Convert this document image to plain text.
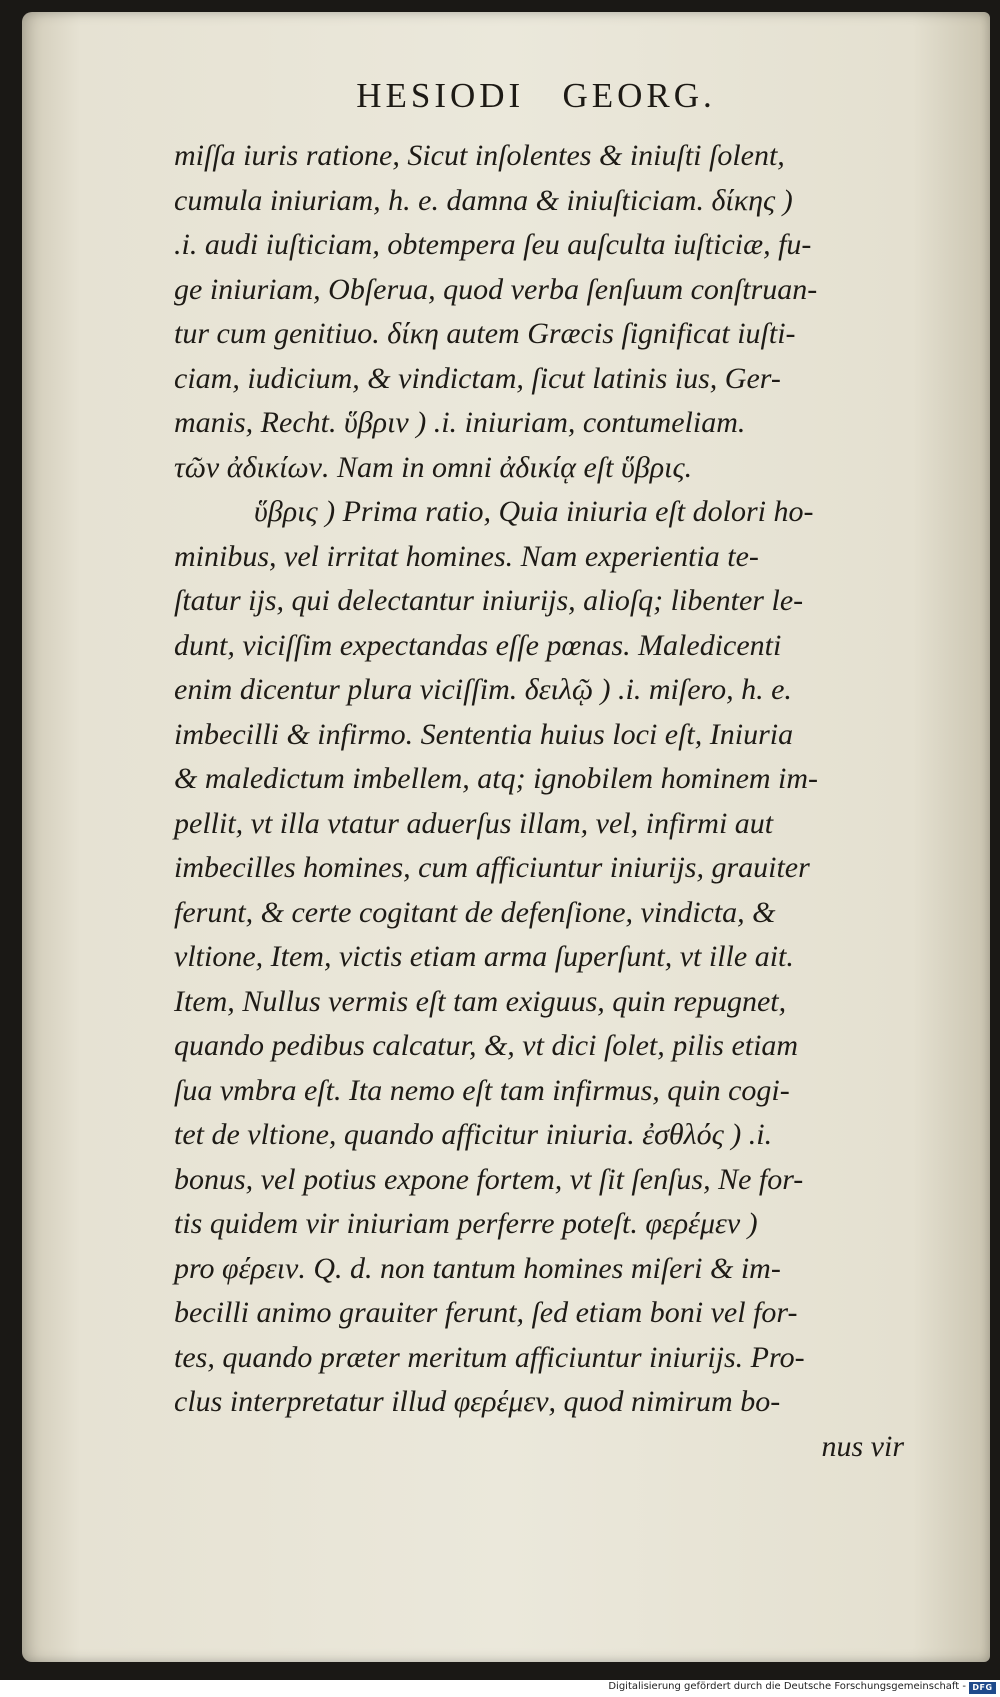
HESIODI   GEORG.
miſſa iuris ratione, Sicut inſolentes & iniuſti ſolent,
cumula iniuriam, h. e. damna & iniuſticiam. δίκης )
.i. audi iuſticiam, obtempera ſeu auſculta iuſticiæ, fu-
ge iniuriam, Obſerua, quod verba ſenſuum conſtruan-
tur cum genitiuo. δίκη autem Græcis ſignificat iuſti-
ciam, iudicium, & vindictam, ſicut latinis ius, Ger-
manis, Recht. ὕβριν ) .i. iniuriam, contumeliam.
τῶν ἀδικίων. Nam in omni ἀδικίᾳ eſt ὕβρις.
ὕβρις ) Prima ratio, Quia iniuria eſt dolori ho-
minibus, vel irritat homines. Nam experientia te-
ſtatur ijs, qui delectantur iniurijs, alioſq; libenter le-
dunt, viciſſim expectandas eſſe pœnas. Maledicenti
enim dicentur plura viciſſim. δειλῷ ) .i. miſero, h. e.
imbecilli & infirmo. Sententia huius loci eſt, Iniuria
& maledictum imbellem, atq; ignobilem hominem im-
pellit, vt illa vtatur aduerſus illam, vel, infirmi aut
imbecilles homines, cum afficiuntur iniurijs, grauiter
ferunt, & certe cogitant de defenſione, vindicta, &
vltione, Item, victis etiam arma ſuperſunt, vt ille ait.
Item, Nullus vermis eſt tam exiguus, quin repugnet,
quando pedibus calcatur, &, vt dici ſolet, pilis etiam
ſua vmbra eſt. Ita nemo eſt tam infirmus, quin cogi-
tet de vltione, quando afficitur iniuria. ἐσθλός ) .i.
bonus, vel potius expone fortem, vt ſit ſenſus, Ne for-
tis quidem vir iniuriam perferre poteſt. φερέμεν )
pro φέρειν. Q. d. non tantum homines miſeri & im-
becilli animo grauiter ferunt, ſed etiam boni vel for-
tes, quando præter meritum afficiuntur iniurijs. Pro-
clus interpretatur illud φερέμεν, quod nimirum bo-
nus vir
Digitalisierung gefördert durch die Deutsche Forschungsgemeinschaft - DFG
